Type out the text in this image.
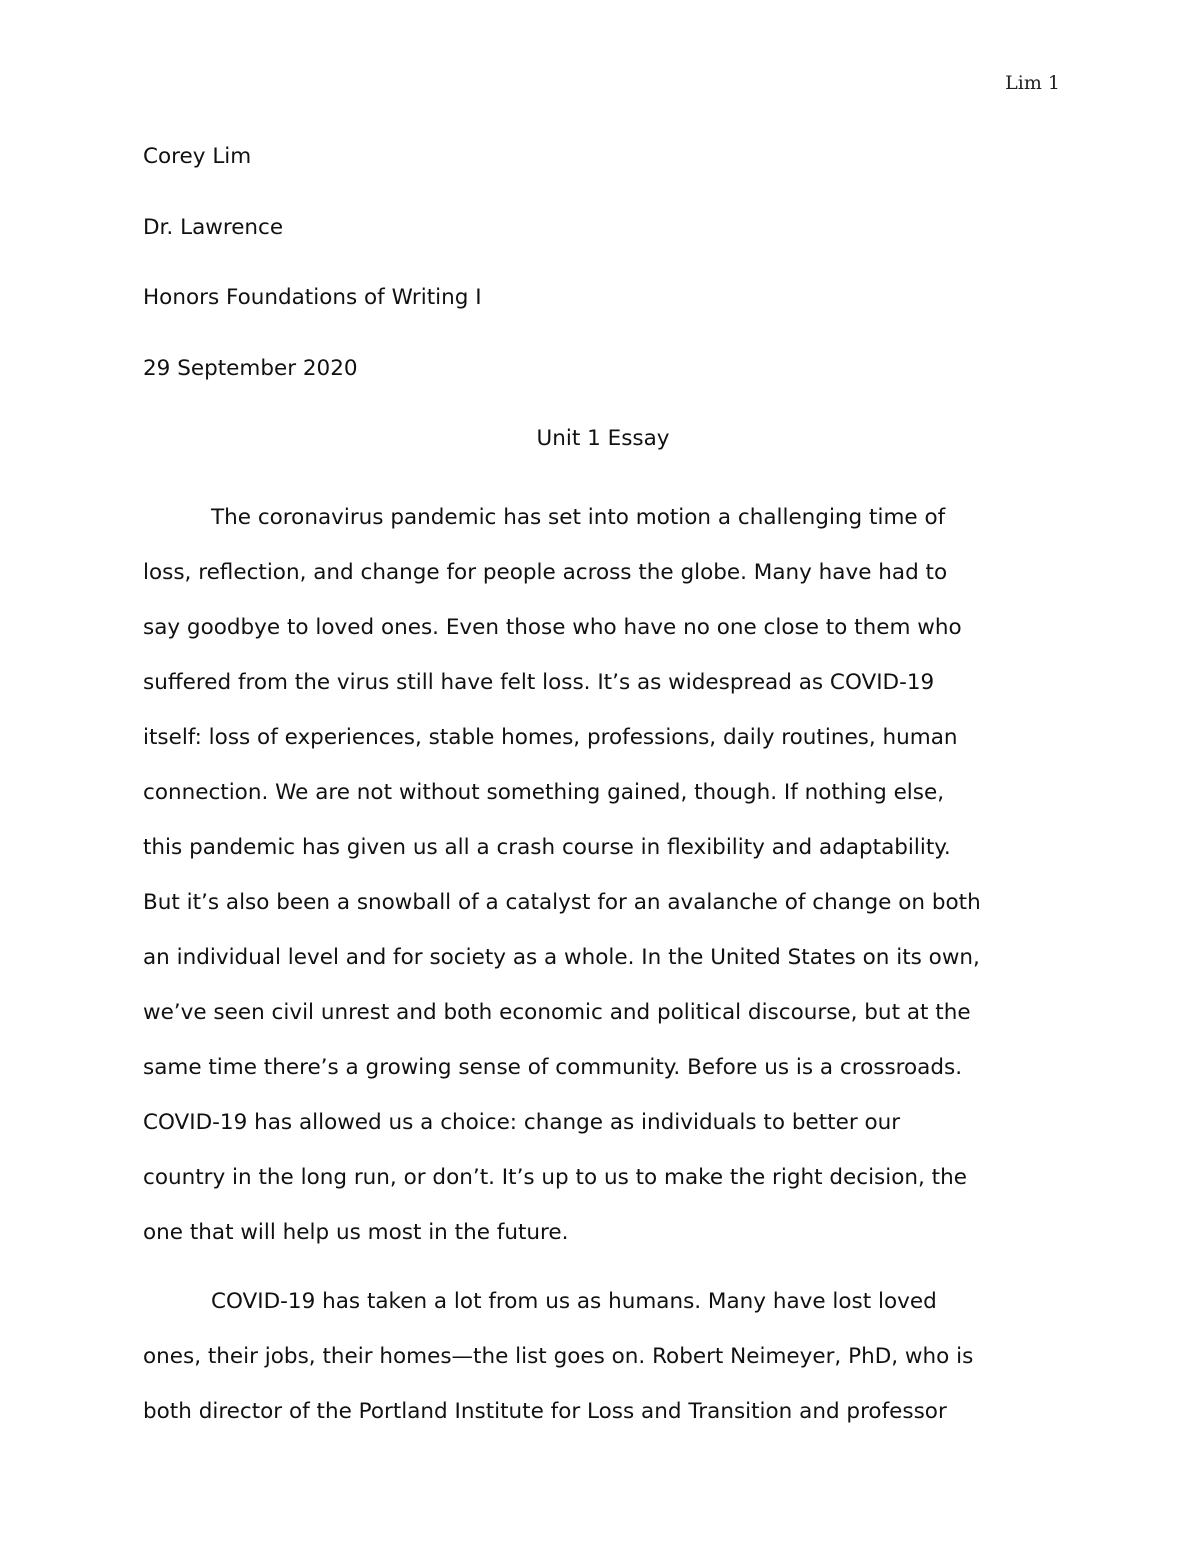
Lim 1
Corey Lim
Dr. Lawrence
Honors Foundations of Writing I
29 September 2020
Unit 1 Essay
The coronavirus pandemic has set into motion a challenging time of
loss, reflection, and change for people across the globe. Many have had to
say goodbye to loved ones. Even those who have no one close to them who
suffered from the virus still have felt loss. It’s as widespread as COVID-19
itself: loss of experiences, stable homes, professions, daily routines, human
connection. We are not without something gained, though. If nothing else,
this pandemic has given us all a crash course in flexibility and adaptability.
But it’s also been a snowball of a catalyst for an avalanche of change on both
an individual level and for society as a whole. In the United States on its own,
we’ve seen civil unrest and both economic and political discourse, but at the
same time there’s a growing sense of community. Before us is a crossroads.
COVID-19 has allowed us a choice: change as individuals to better our
country in the long run, or don’t. It’s up to us to make the right decision, the
one that will help us most in the future.
COVID-19 has taken a lot from us as humans. Many have lost loved
ones, their jobs, their homes—the list goes on. Robert Neimeyer, PhD, who is
both director of the Portland Institute for Loss and Transition and professor
